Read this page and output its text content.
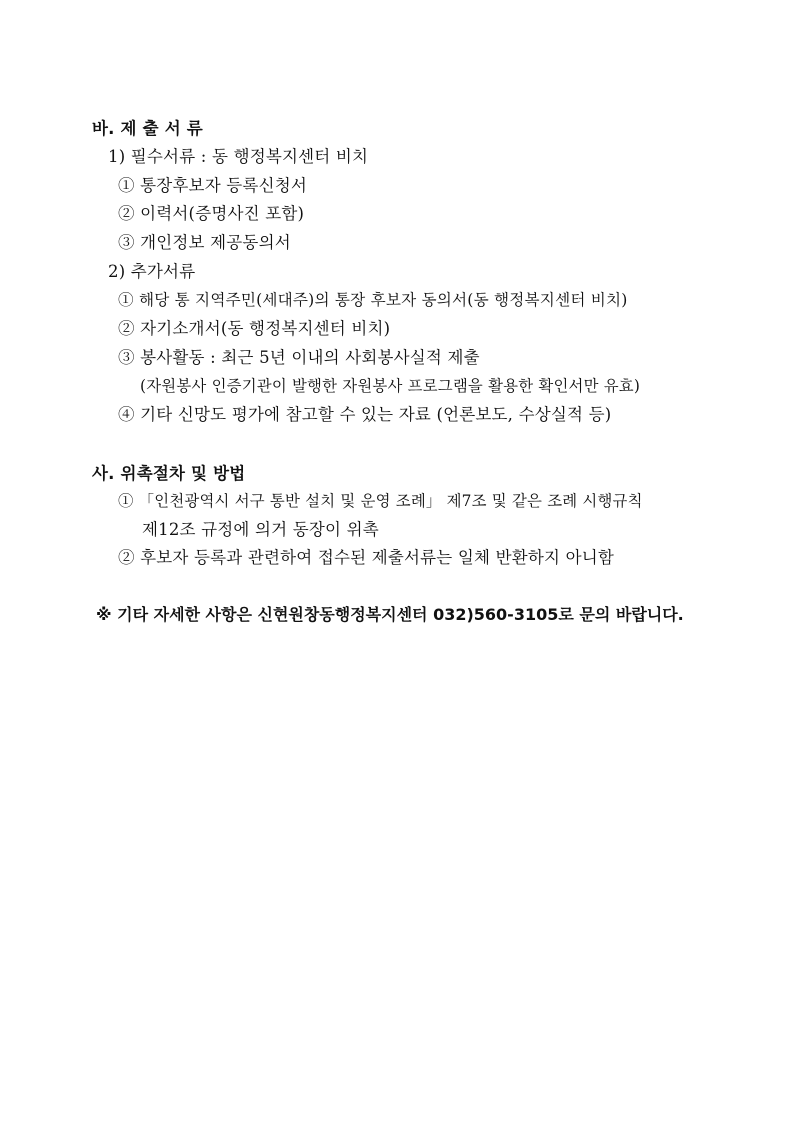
바. 제 출 서 류
1) 필수서류 : 동 행정복지센터 비치
① 통장후보자 등록신청서
② 이력서(증명사진 포함)
③ 개인정보 제공동의서
2) 추가서류
① 해당 통 지역주민(세대주)의 통장 후보자 동의서(동 행정복지센터 비치)
② 자기소개서(동 행정복지센터 비치)
③ 봉사활동 : 최근 5년 이내의 사회봉사실적 제출
(자원봉사 인증기관이 발행한 자원봉사 프로그램을 활용한 확인서만 유효)
④ 기타 신망도 평가에 참고할 수 있는 자료 (언론보도, 수상실적 등)
사. 위촉절차 및 방법
① 「인천광역시 서구 통반 설치 및 운영 조례」 제7조 및 같은 조례 시행규칙
제12조 규정에 의거 동장이 위촉
② 후보자 등록과 관련하여 접수된 제출서류는 일체 반환하지 아니함
※ 기타 자세한 사항은 신현원창동행정복지센터 032)560-3105로 문의 바랍니다.
